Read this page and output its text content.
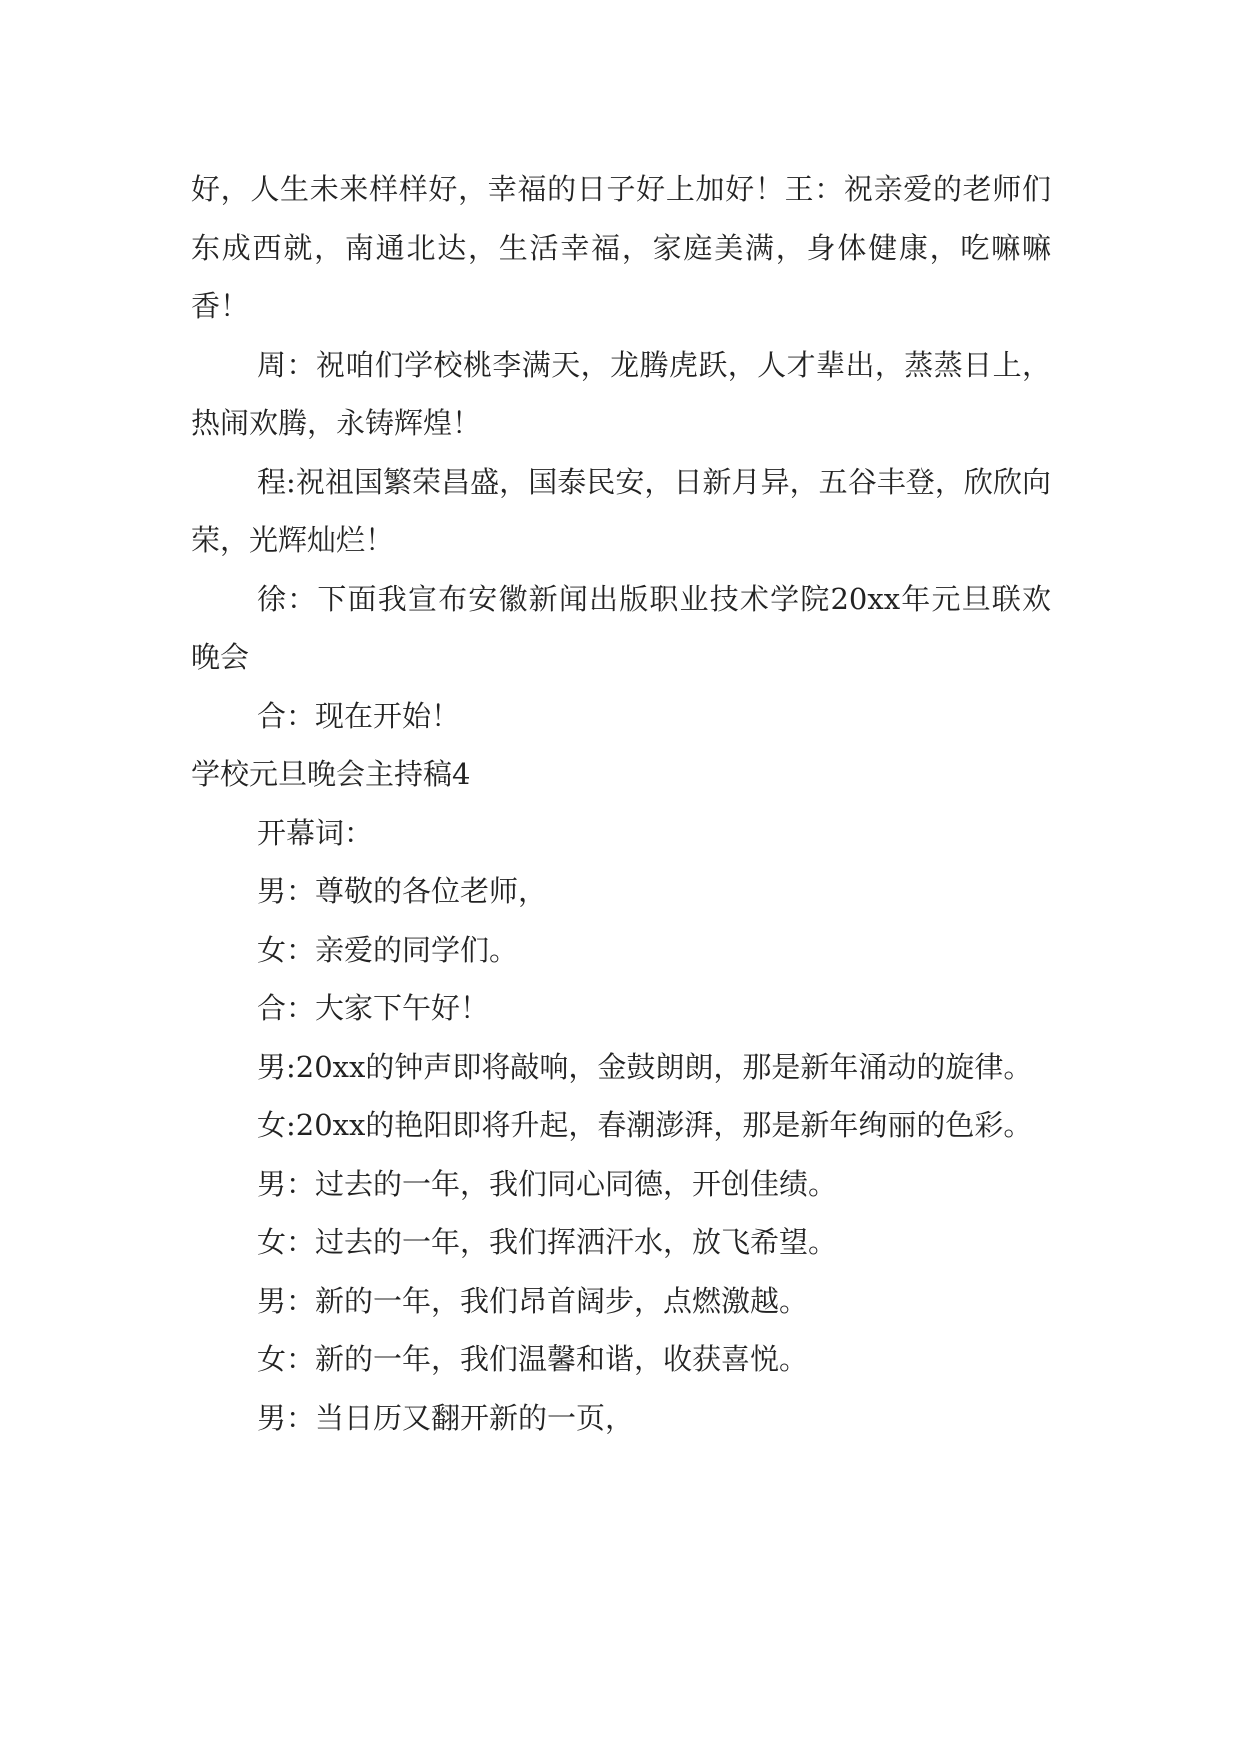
好，人生未来样样好，幸福的日子好上加好！王：祝亲爱的老师们东成西就，南通北达，生活幸福，家庭美满，身体健康，吃嘛嘛香！

周：祝咱们学校桃李满天，龙腾虎跃，人才辈出，蒸蒸日上，热闹欢腾，永铸辉煌！

程:祝祖国繁荣昌盛，国泰民安，日新月异，五谷丰登，欣欣向荣，光辉灿烂！

徐：下面我宣布安徽新闻出版职业技术学院20xx年元旦联欢晚会

合：现在开始！

学校元旦晚会主持稿4

开幕词：

男：尊敬的各位老师，

女：亲爱的同学们。

合：大家下午好！

男:20xx的钟声即将敲响，金鼓朗朗，那是新年涌动的旋律。

女:20xx的艳阳即将升起，春潮澎湃，那是新年绚丽的色彩。

男：过去的一年，我们同心同德，开创佳绩。

女：过去的一年，我们挥洒汗水，放飞希望。

男：新的一年，我们昂首阔步，点燃激越。

女：新的一年，我们温馨和谐，收获喜悦。

男：当日历又翻开新的一页，
